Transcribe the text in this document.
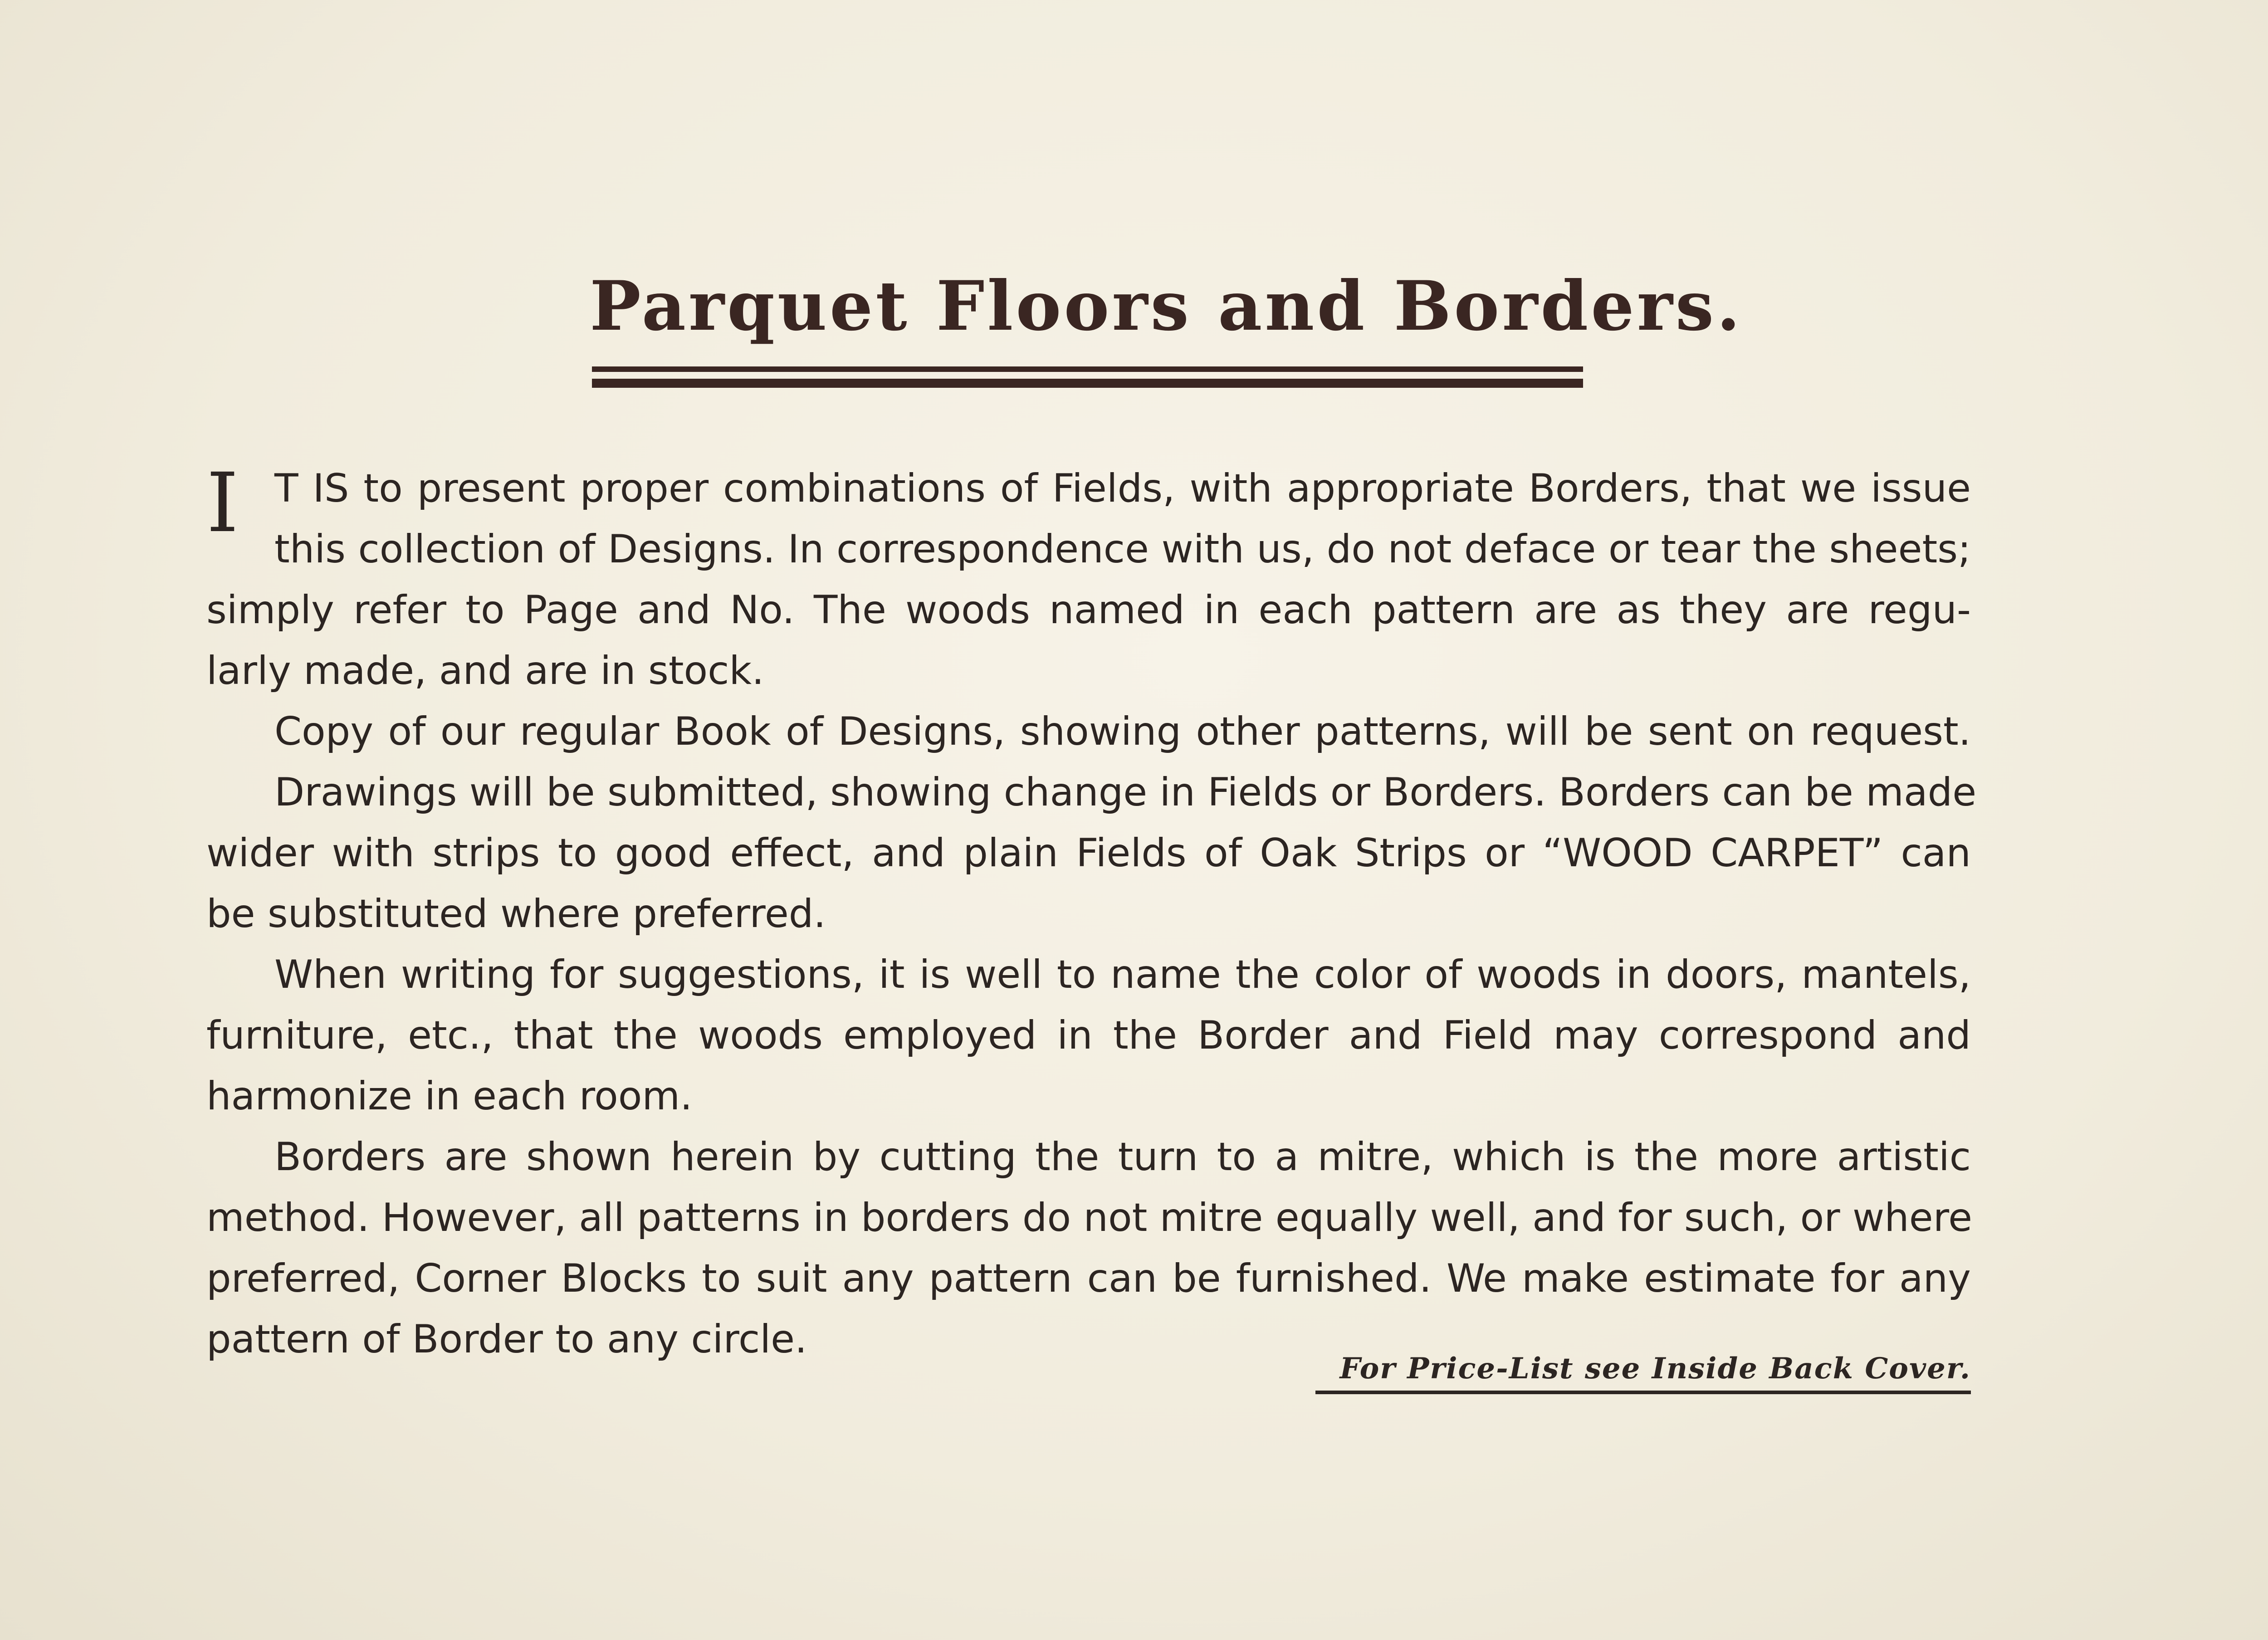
Parquet Floors and Borders.
I T IS to present proper combinations of Fields, with appropriate Borders, that we issue
this collection of Designs. In correspondence with us, do not deface or tear the sheets;
simply refer to Page and No. The woods named in each pattern are as they are regu-
larly made, and are in stock.
Copy of our regular Book of Designs, showing other patterns, will be sent on request.
Drawings will be submitted, showing change in Fields or Borders. Borders can be made
wider with strips to good effect, and plain Fields of Oak Strips or “WOOD CARPET” can
be substituted where preferred.
When writing for suggestions, it is well to name the color of woods in doors, mantels,
furniture, etc., that the woods employed in the Border and Field may correspond and
harmonize in each room.
Borders are shown herein by cutting the turn to a mitre, which is the more artistic
method. However, all patterns in borders do not mitre equally well, and for such, or where
preferred, Corner Blocks to suit any pattern can be furnished. We make estimate for any
pattern of Border to any circle.
For Price-List see Inside Back Cover.
